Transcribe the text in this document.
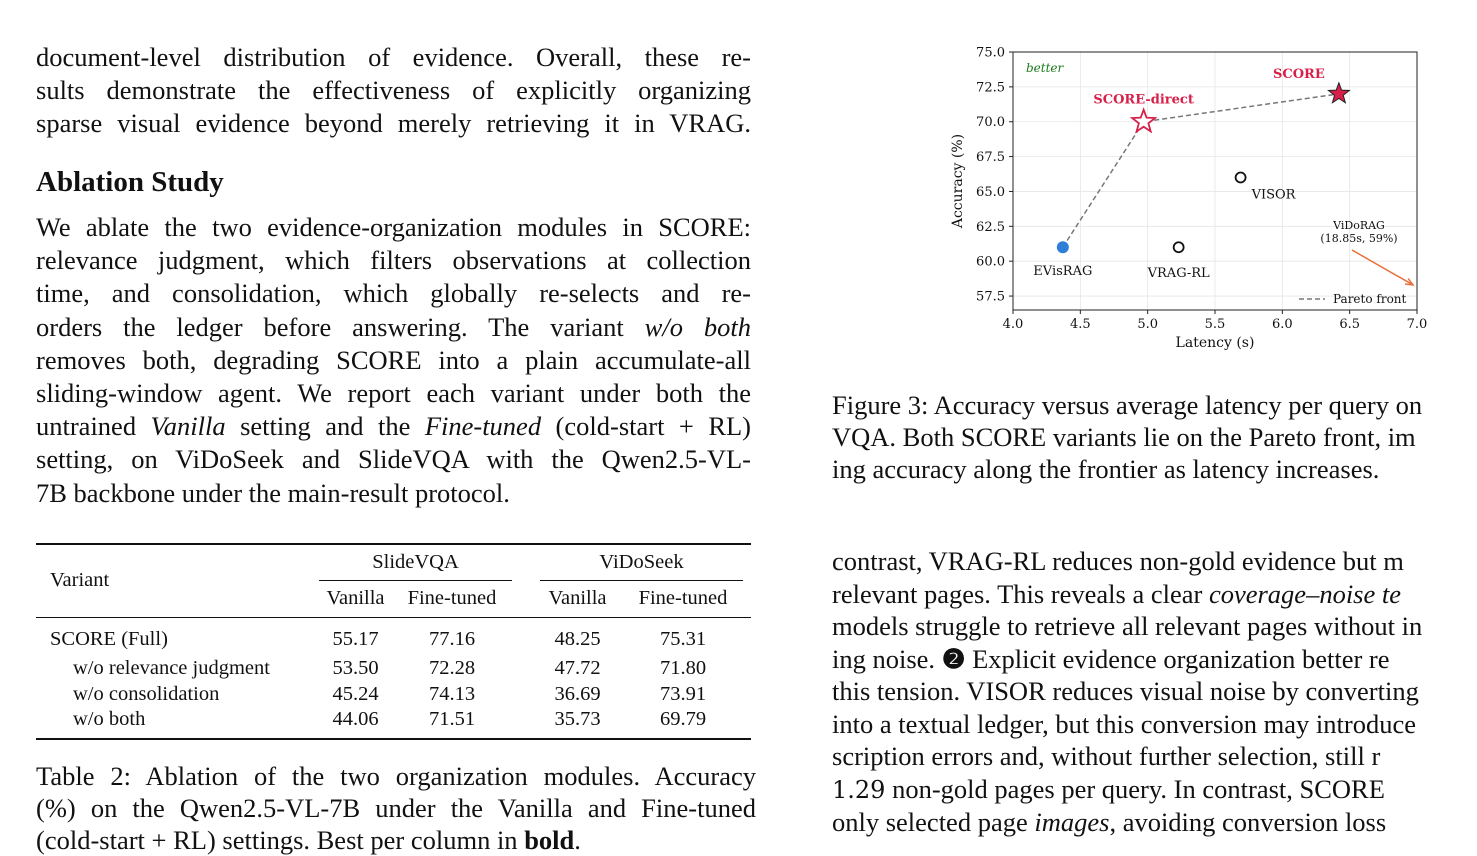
document-level distribution of evidence. Overall, these re-
sults demonstrate the effectiveness of explicitly organizing
sparse visual evidence beyond merely retrieving it in VRAG.
Ablation Study
We ablate the two evidence-organization modules in SCORE:
relevance judgment, which filters observations at collection
time, and consolidation, which globally re-selects and re-
orders the ledger before answering. The variant w/o both
removes both, degrading SCORE into a plain accumulate-all
sliding-window agent. We report each variant under both the
untrained Vanilla setting and the Fine-tuned (cold-start + RL)
setting, on ViDoSeek and SlideVQA with the Qwen2.5-VL-
7B backbone under the main-result protocol.
Variant	SlideVQA		ViDoSeek	

	Vanilla	Fine-tuned	Vanilla	Fine-tuned
SCORE (Full)	55.17	77.16	48.25	75.31
w/o relevance judgment	53.50	72.28	47.72	71.80
w/o consolidation	45.24	74.13	36.69	73.91
w/o both	44.06	71.51	35.73	69.79
Table 2: Ablation of the two organization modules. Accuracy
(%) on the Qwen2.5-VL-7B under the Vanilla and Fine-tuned
(cold-start + RL) settings. Best per column in bold.
4.0	4.5	5.0	5.5	6.0	6.5	7.0
57.5
60.0
62.5
65.0
67.5
70.0
72.5
75.0
Latency (s)
Accuracy (%)
better	SCORE
SCORE-direct
VISOR
VRAG-RL
EVisRAG
ViDoRAG
(18.85s, 59%)
Pareto front
Figure 3: Accuracy versus average latency per query on
VQA. Both SCORE variants lie on the Pareto front, im
ing accuracy along the frontier as latency increases.
contrast, VRAG-RL reduces non-gold evidence but m
relevant pages. This reveals a clear coverage–noise te
models struggle to retrieve all relevant pages without in
ing noise. ❷ Explicit evidence organization better re
this tension. VISOR reduces visual noise by converting
into a textual ledger, but this conversion may introduce
scription errors and, without further selection, still r
1.29 non-gold pages per query. In contrast, SCORE
only selected page images, avoiding conversion loss
